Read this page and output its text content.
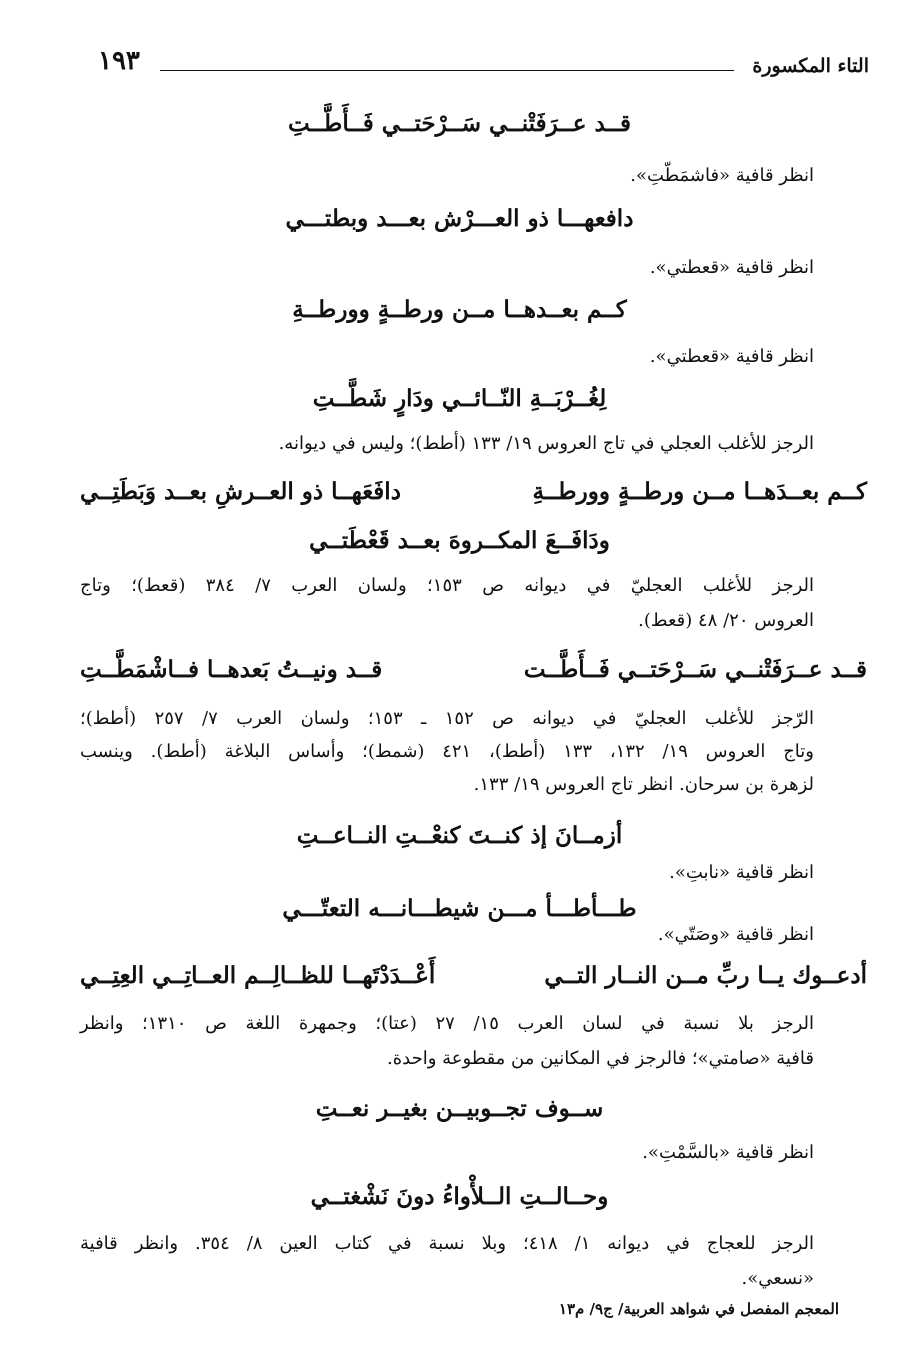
التاء المكسورة
١٩٣
قــد عــرَفَتْنــي سَــرْحَتــي فَــأَطَّــتِ
انظر قافية «فاشمَطّتِ».
دافعهـــا ذو العـــرْش بعـــد وبطتـــي
انظر قافية «قعطتي».
كــم بعــدهــا مــن ورطــةٍ وورطــةِ
انظر قافية «قعطتي».
لِغُــرْبَــةِ النّــائــي ودَارٍ شَطَّــتِ
الرجز للأغلب العجلي في تاج العروس ١٩/ ١٣٣ (أطط)؛ وليس في ديوانه.
كــم بعــدَهــا مــن ورطــةٍ وورطــةِ
دافَعَهــا ذو العــرشِ بعــد وَبَطَتِــي
ودَافَــعَ المكــروهَ بعــد قَعْطَتــي
الرجز للأغلب العجليّ في ديوانه ص ١٥٣؛ ولسان العرب ٧/ ٣٨٤ (قعط)؛ وتاج
العروس ٢٠/ ٤٨ (قعط).
قــد عــرَفَتْنــي سَــرْحَتــي فَــأَطَّــت
قــد ونيــتُ بَعدهــا فــاشْمَطَّــتِ
الرّجز للأغلب العجليّ في ديوانه ص ١٥٢ ـ ١٥٣؛ ولسان العرب ٧/ ٢٥٧ (أطط)؛
وتاج العروس ١٩/ ١٣٢، ١٣٣ (أطط)، ٤٢١ (شمط)؛ وأساس البلاغة (أطط). وينسب
لزهرة بن سرحان. انظر تاج العروس ١٩/ ١٣٣.
أزمــانَ إذ كنــتَ كنعْــتِ النــاعــتِ
انظر قافية «نابتِ».
طـــأطـــأ مـــن شيطـــانـــه التعتّـــي
انظر قافية «وصَتّي».
أدعــوك يــا ربِّ مــن النــار التــي
أَعْــدَدْتَهــا للظــالِــم العــاتِــي العِتِــي
الرجز بلا نسبة في لسان العرب ١٥/ ٢٧ (عتا)؛ وجمهرة اللغة ص ١٣١٠؛ وانظر
قافية «صامتي»؛ فالرجز في المكانين من مقطوعة واحدة.
ســوف تجــوبيــن بغيــر نعــتِ
انظر قافية «بالسَّمْتِ».
وحــالــتِ الــلأْواءُ دونَ نَشْغتــي
الرجز للعجاج في ديوانه ١/ ٤١٨؛ وبلا نسبة في كتاب العين ٨/ ٣٥٤. وانظر قافية
«نسعي».
المعجم المفصل في شواهد العربية/ ج٩/ م١٣
